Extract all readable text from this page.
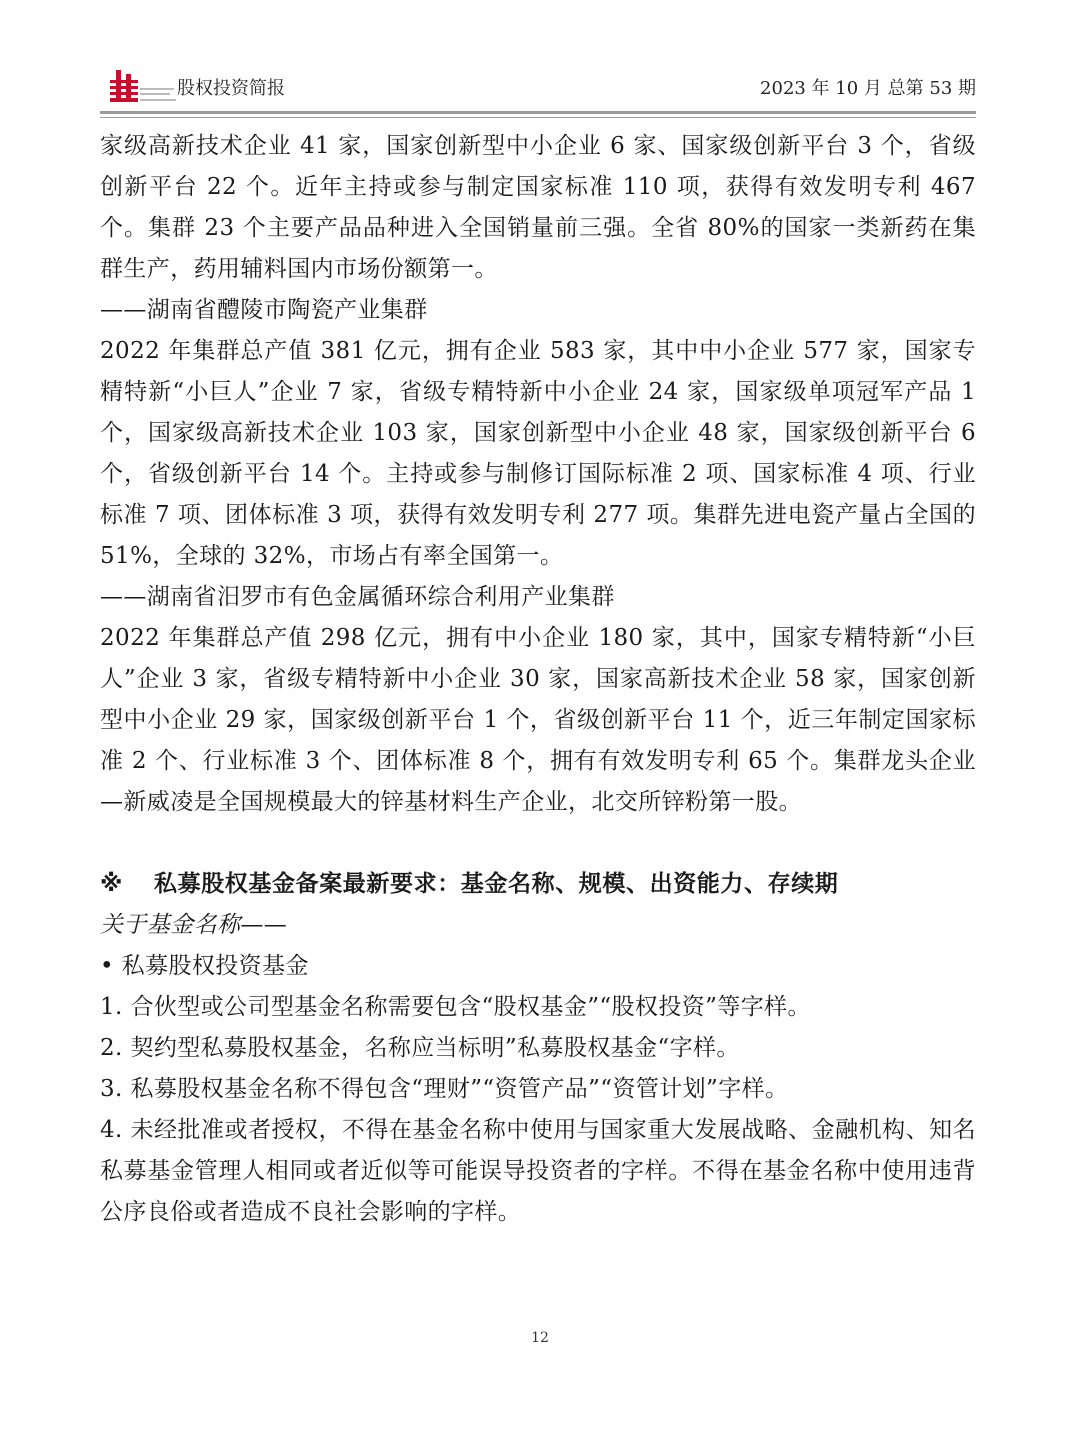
股权投资简报	2023 年 10 月 总第 53 期

家级高新技术企业 41 家，国家创新型中小企业 6 家、国家级创新平台 3 个，省级创新平台 22 个。近年主持或参与制定国家标准 110 项，获得有效发明专利 467 个。集群 23 个主要产品品种进入全国销量前三强。全省 80%的国家一类新药在集群生产，药用辅料国内市场份额第一。

——湖南省醴陵市陶瓷产业集群

2022 年集群总产值 381 亿元，拥有企业 583 家，其中中小企业 577 家，国家专精特新“小巨人”企业 7 家，省级专精特新中小企业 24 家，国家级单项冠军产品 1 个，国家级高新技术企业 103 家，国家创新型中小企业 48 家，国家级创新平台 6 个，省级创新平台 14 个。主持或参与制修订国际标准 2 项、国家标准 4 项、行业标准 7 项、团体标准 3 项，获得有效发明专利 277 项。集群先进电瓷产量占全国的 51%，全球的 32%，市场占有率全国第一。

——湖南省汨罗市有色金属循环综合利用产业集群

2022 年集群总产值 298 亿元，拥有中小企业 180 家，其中，国家专精特新“小巨人”企业 3 家，省级专精特新中小企业 30 家，国家高新技术企业 58 家，国家创新型中小企业 29 家，国家级创新平台 1 个，省级创新平台 11 个，近三年制定国家标准 2 个、行业标准 3 个、团体标准 8 个，拥有有效发明专利 65 个。集群龙头企业—新威凌是全国规模最大的锌基材料生产企业，北交所锌粉第一股。

※ 私募股权基金备案最新要求：基金名称、规模、出资能力、存续期

关于基金名称——

• 私募股权投资基金

1. 合伙型或公司型基金名称需要包含“股权基金”“股权投资”等字样。

2. 契约型私募股权基金，名称应当标明”私募股权基金“字样。

3. 私募股权基金名称不得包含“理财”“资管产品”“资管计划”字样。

4. 未经批准或者授权，不得在基金名称中使用与国家重大发展战略、金融机构、知名私募基金管理人相同或者近似等可能误导投资者的字样。不得在基金名称中使用违背公序良俗或者造成不良社会影响的字样。

12
